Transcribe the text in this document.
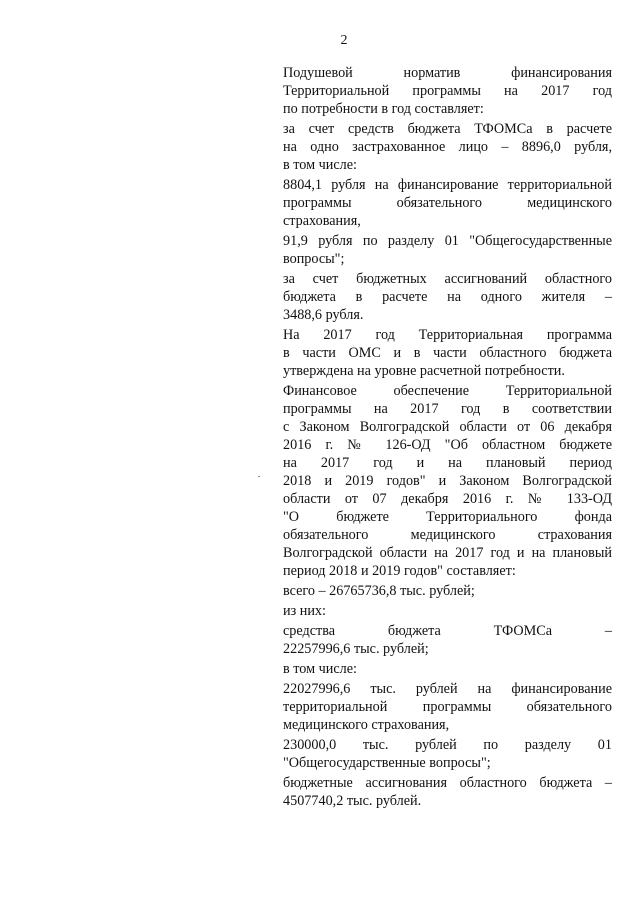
2
Подушевой норматив финансирования
Территориальной программы на 2017 год
по потребности в год составляет:
за счет средств бюджета ТФОМСа в расчете
на одно застрахованное лицо – 8896,0 рубля,
в том числе:
8804,1 рубля на финансирование территориальной
программы обязательного медицинского
страхования,
91,9 рубля по разделу 01 "Общегосударственные
вопросы";
за счет бюджетных ассигнований областного
бюджета в расчете на одного жителя –
3488,6 рубля.
На 2017 год Территориальная программа
в части ОМС и в части областного бюджета
утверждена на уровне расчетной потребности.
Финансовое обеспечение Территориальной
программы на 2017 год в соответствии
с Законом Волгоградской области от 06 декабря
2016 г. № 126-ОД "Об областном бюджете
на 2017 год и на плановый период
2018 и 2019 годов" и Законом Волгоградской
области от 07 декабря 2016 г. № 133-ОД
"О бюджете Территориального фонда
обязательного медицинского страхования
Волгоградской области на 2017 год и на плановый
период 2018 и 2019 годов" составляет:
всего – 26765736,8 тыс. рублей;
из них:
средства бюджета ТФОМСа –
22257996,6 тыс. рублей;
в том числе:
22027996,6 тыс. рублей на финансирование
территориальной программы обязательного
медицинского страхования,
230000,0 тыс. рублей по разделу 01
"Общегосударственные вопросы";
бюджетные ассигнования областного бюджета –
4507740,2 тыс. рублей.
